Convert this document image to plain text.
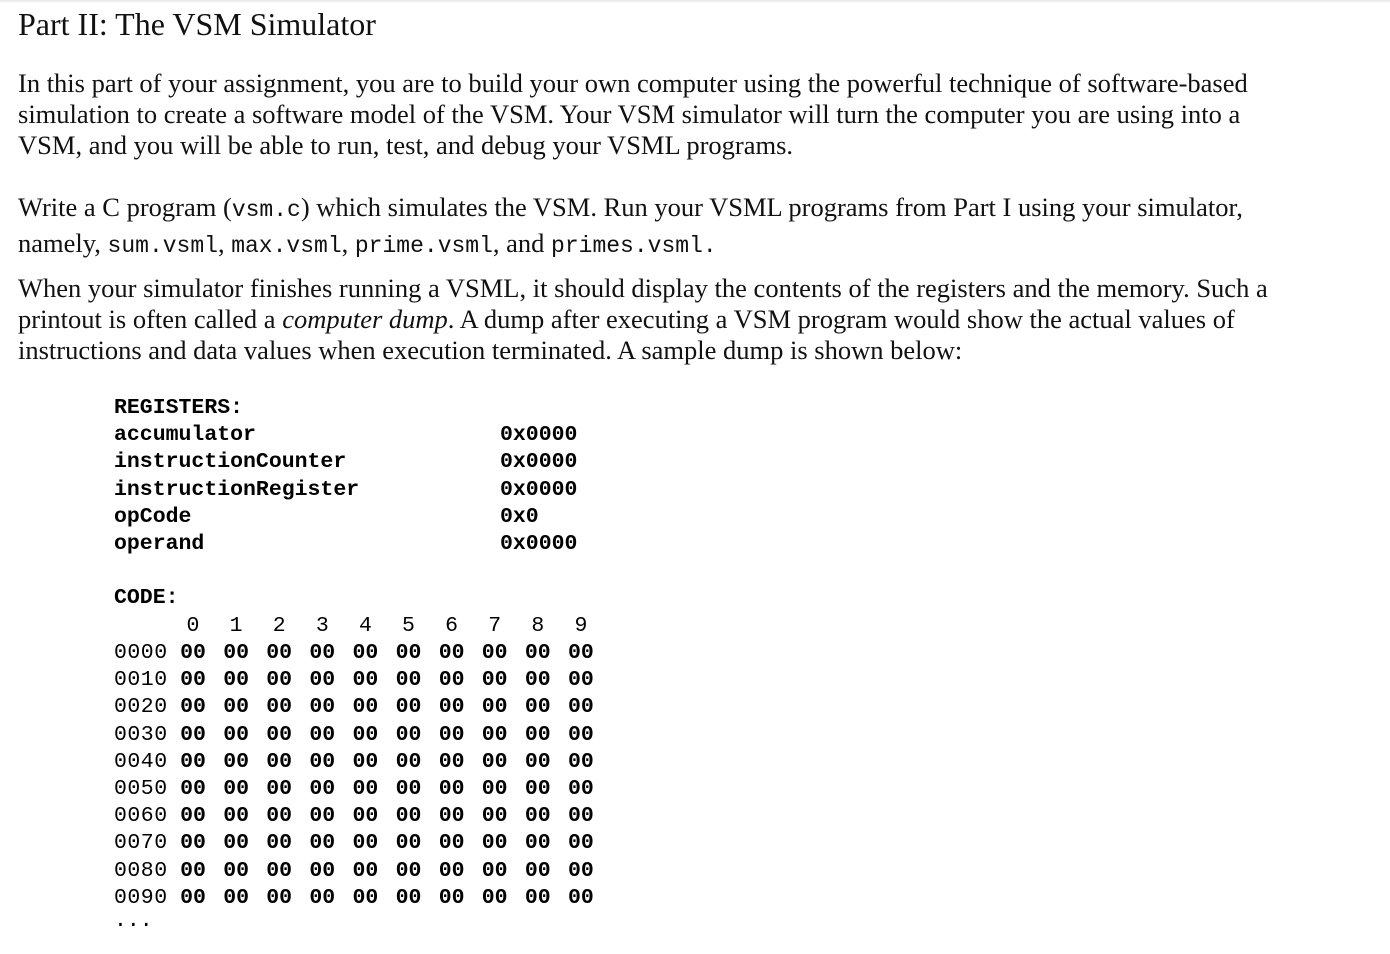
Part II: The VSM Simulator

In this part of your assignment, you are to build your own computer using the powerful technique of software-based
simulation to create a software model of the VSM. Your VSM simulator will turn the computer you are using into a
VSM, and you will be able to run, test, and debug your VSML programs.

Write a C program (vsm.c) which simulates the VSM. Run your VSML programs from Part I using your simulator,
namely, sum.vsml, max.vsml, prime.vsml, and primes.vsml.

When your simulator finishes running a VSML, it should display the contents of the registers and the memory. Such a
printout is often called a computer dump. A dump after executing a VSM program would show the actual values of
instructions and data values when execution terminated. A sample dump is shown below:

REGISTERS:
accumulator	0x0000
instructionCounter	0x0000
instructionRegister	0x0000
opCode	0x0
operand	0x0000
CODE:
0	1	2	3	4	5	6	7	8	9
0000 00 00 00 00 00 00 00 00 00 00
0010 00 00 00 00 00 00 00 00 00 00
0020 00 00 00 00 00 00 00 00 00 00
0030 00 00 00 00 00 00 00 00 00 00
0040 00 00 00 00 00 00 00 00 00 00
0050 00 00 00 00 00 00 00 00 00 00
0060 00 00 00 00 00 00 00 00 00 00
0070 00 00 00 00 00 00 00 00 00 00
0080 00 00 00 00 00 00 00 00 00 00
0090 00 00 00 00 00 00 00 00 00 00
...
